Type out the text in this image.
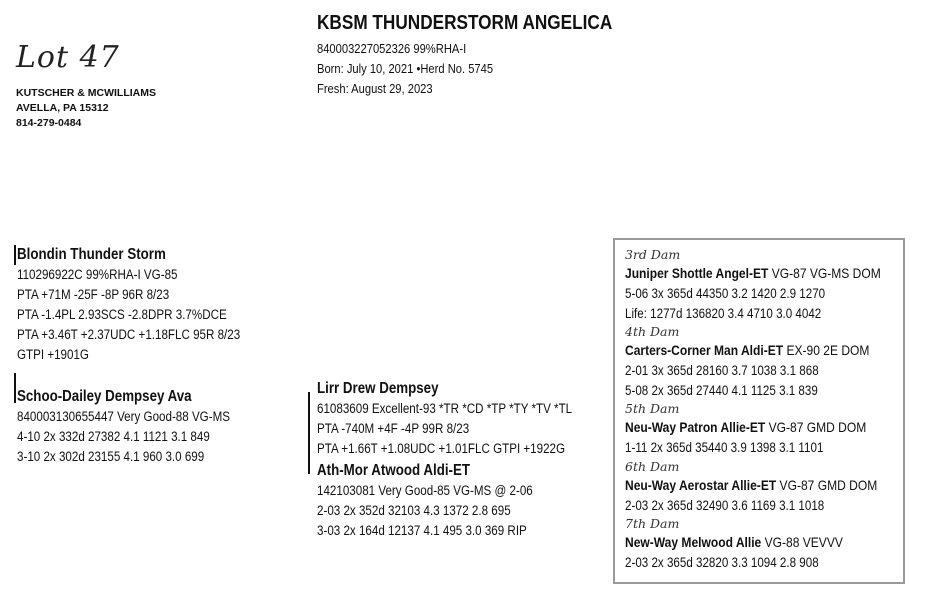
Lot 47
KUTSCHER & MCWILLIAMS
AVELLA, PA 15312
814-279-0484
KBSM THUNDERSTORM ANGELICA
840003227052326 99%RHA-I
Born: July 10, 2021 •Herd No. 5745
Fresh: August 29, 2023
Blondin Thunder Storm
110296922C 99%RHA-I VG-85
PTA +71M -25F -8P 96R 8/23
PTA -1.4PL 2.93SCS -2.8DPR 3.7%DCE
PTA +3.46T +2.37UDC +1.18FLC 95R 8/23
GTPI +1901G
Schoo-Dailey Dempsey Ava
840003130655447 Very Good-88 VG-MS
4-10 2x 332d 27382 4.1 1121 3.1 849
3-10 2x 302d 23155 4.1 960 3.0 699
Lirr Drew Dempsey
61083609 Excellent-93 *TR *CD *TP *TY *TV *TL
PTA -740M +4F -4P 99R 8/23
PTA +1.66T +1.08UDC +1.01FLC GTPI +1922G
Ath-Mor Atwood Aldi-ET
142103081 Very Good-85 VG-MS @ 2-06
2-03 2x 352d 32103 4.3 1372 2.8 695
3-03 2x 164d 12137 4.1 495 3.0 369 RIP
3rd Dam
Juniper Shottle Angel-ET VG-87 VG-MS DOM
5-06 3x 365d 44350 3.2 1420 2.9 1270
Life: 1277d 136820 3.4 4710 3.0 4042
4th Dam
Carters-Corner Man Aldi-ET EX-90 2E DOM
2-01 3x 365d 28160 3.7 1038 3.1 868
5-08 2x 365d 27440 4.1 1125 3.1 839
5th Dam
Neu-Way Patron Allie-ET VG-87 GMD DOM
1-11 2x 365d 35440 3.9 1398 3.1 1101
6th Dam
Neu-Way Aerostar Allie-ET VG-87 GMD DOM
2-03 2x 365d 32490 3.6 1169 3.1 1018
7th Dam
New-Way Melwood Allie VG-88 VEVVV
2-03 2x 365d 32820 3.3 1094 2.8 908
